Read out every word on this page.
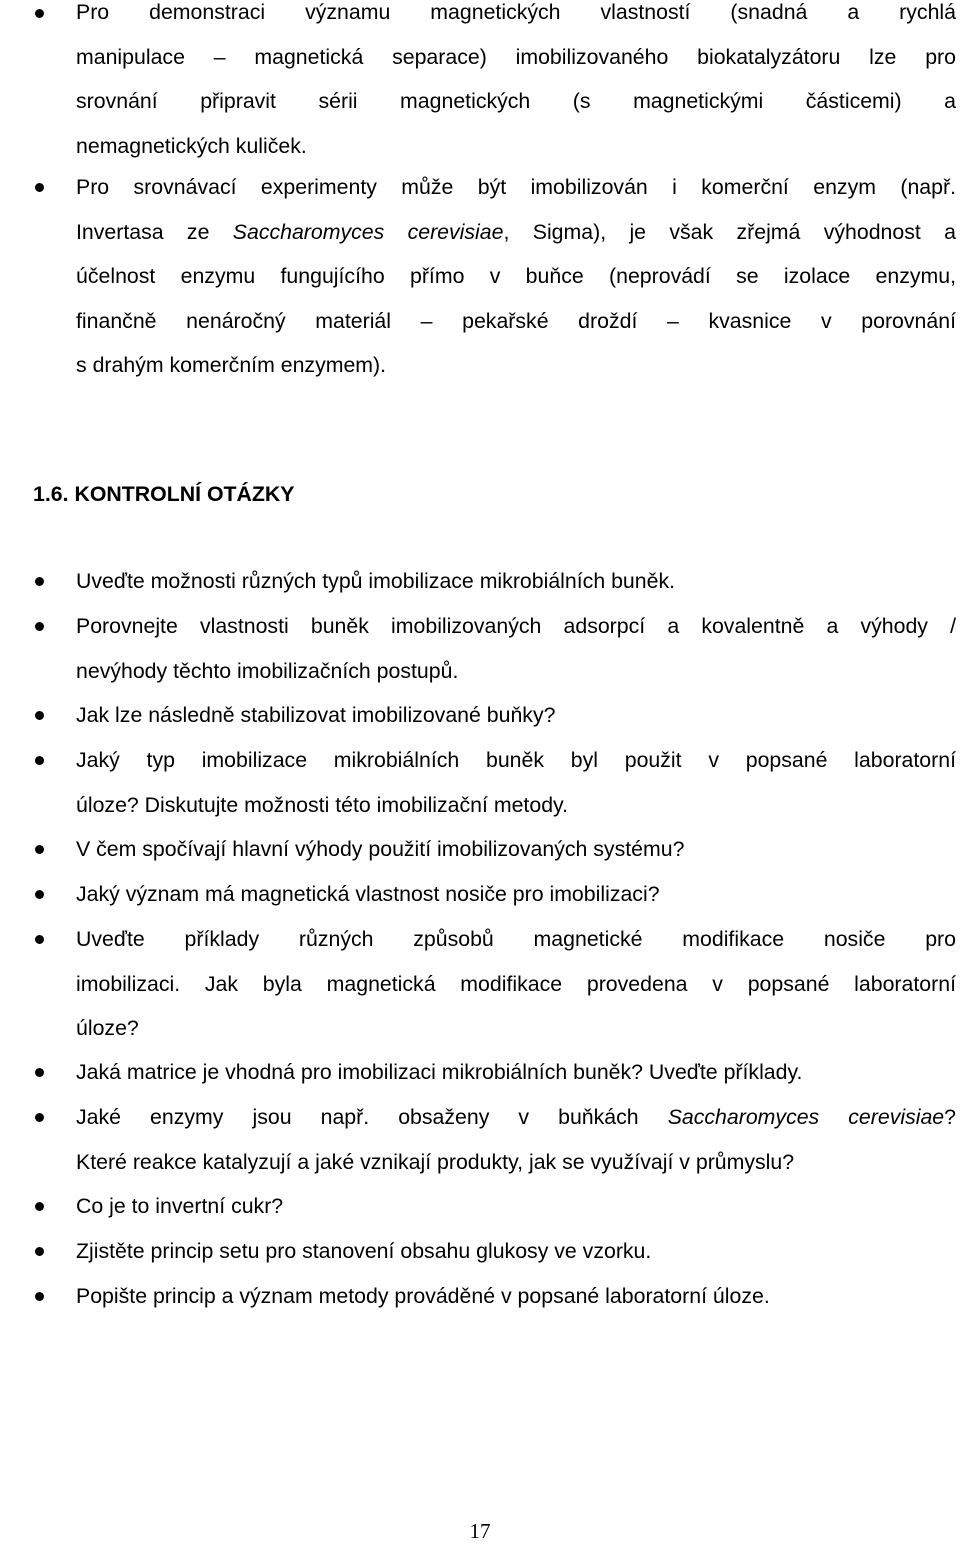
Pro demonstraci významu magnetických vlastností (snadná a rychlá
manipulace – magnetická separace) imobilizovaného biokatalyzátoru lze pro
srovnání připravit sérii magnetických (s magnetickými částicemi) a
nemagnetických kuliček.
Pro srovnávací experimenty může být imobilizován i komerční enzym (např.
Invertasa ze Saccharomyces cerevisiae, Sigma), je však zřejmá výhodnost a
účelnost enzymu fungujícího přímo v buňce (neprovádí se izolace enzymu,
finančně nenáročný materiál – pekařské droždí – kvasnice v porovnání
s drahým komerčním enzymem).
1.6. KONTROLNÍ OTÁZKY
Uveďte možnosti různých typů imobilizace mikrobiálních buněk.
Porovnejte vlastnosti buněk imobilizovaných adsorpcí a kovalentně a výhody /
nevýhody těchto imobilizačních postupů.
Jak lze následně stabilizovat imobilizované buňky?
Jaký typ imobilizace mikrobiálních buněk byl použit v popsané laboratorní
úloze? Diskutujte možnosti této imobilizační metody.
V čem spočívají hlavní výhody použití imobilizovaných systému?
Jaký význam má magnetická vlastnost nosiče pro imobilizaci?
Uveďte příklady různých způsobů magnetické modifikace nosiče pro
imobilizaci. Jak byla magnetická modifikace provedena v popsané laboratorní
úloze?
Jaká matrice je vhodná pro imobilizaci mikrobiálních buněk? Uveďte příklady.
Jaké enzymy jsou např. obsaženy v buňkách Saccharomyces cerevisiae?
Které reakce katalyzují a jaké vznikají produkty, jak se využívají v průmyslu?
Co je to invertní cukr?
Zjistěte princip setu pro stanovení obsahu glukosy ve vzorku.
Popište princip a význam metody prováděné v popsané laboratorní úloze.
17
